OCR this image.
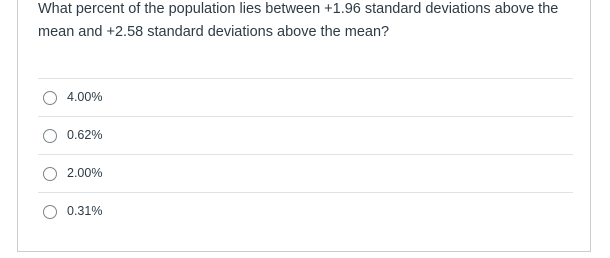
What percent of the population lies between +1.96 standard deviations above the mean and +2.58 standard deviations above the mean?
4.00%
0.62%
2.00%
0.31%
